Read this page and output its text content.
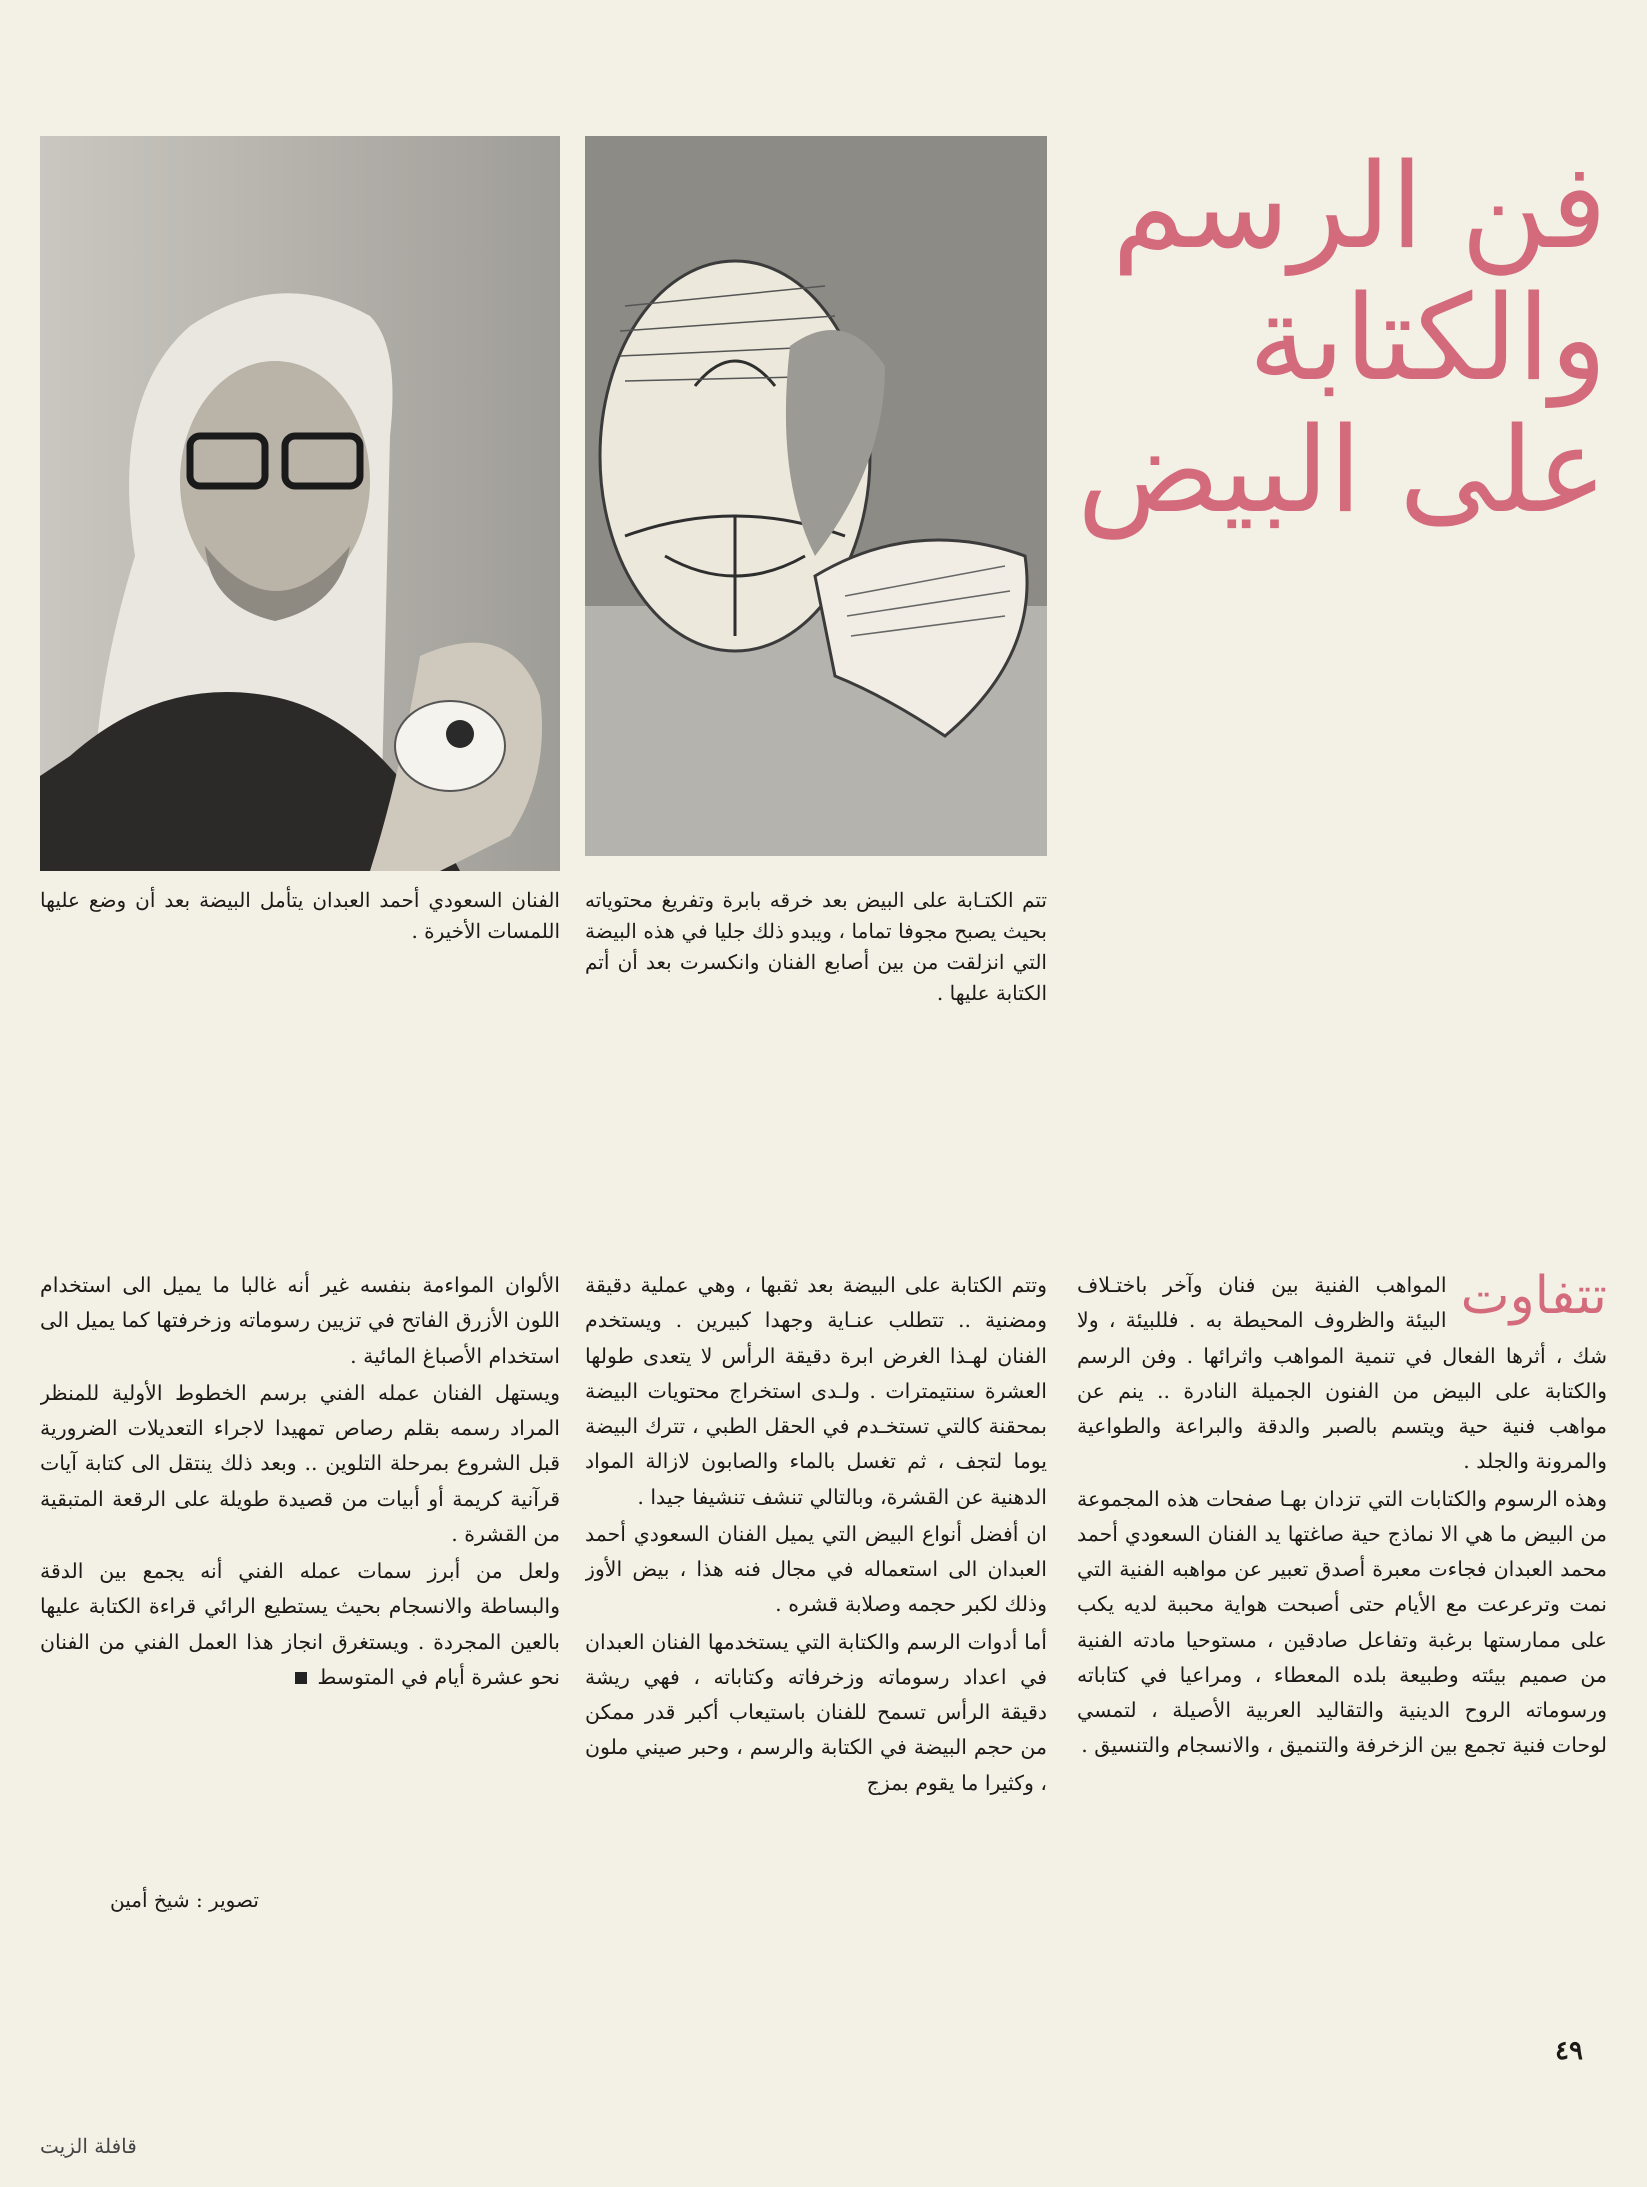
فن الرسم
والكتابة
على البيض
تتم الكتـابة على البيض بعد خرقه بابرة وتفريغ محتوياته بحيث يصبح مجوفا تماما ، ويبدو ذلك جليا في هذه البيضة التي انزلقت من بين أصابع الفنان وانكسرت بعد أن أتم الكتابة عليها .
الفنان السعودي أحمد العبدان يتأمل البيضة بعد أن وضع عليها اللمسات الأخيرة .
تتفاوت

المواهب الفنية بين فنان وآخر باختـلاف البيئة والظروف المحيطة به . فللبيئة ، ولا شك ، أثرها الفعال في تنمية المواهب واثرائها . وفن الرسم والكتابة على البيض من الفنون الجميلة النادرة .. ينم عن مواهب فنية حية ويتسم بالصبر والدقة والبراعة والطواعية والمرونة والجلد .

وهذه الرسوم والكتابات التي تزدان بهـا صفحات هذه المجموعة من البيض ما هي الا نماذج حية صاغتها يد الفنان السعودي أحمد محمد العبدان فجاءت معبرة أصدق تعبير عن مواهبه الفنية التي نمت وترعرعت مع الأيام حتى أصبحت هواية محببة لديه يكب على ممارستها برغبة وتفاعل صادقين ، مستوحيا مادته الفنية من صميم بيئته وطبيعة بلده المعطاء ، ومراعيا في كتاباته ورسوماته الروح الدينية والتقاليد العربية الأصيلة ، لتمسي لوحات فنية تجمع بين الزخرفة والتنميق ، والانسجام والتنسيق .

وتتم الكتابة على البيضة بعد ثقبها ، وهي عملية دقيقة ومضنية .. تتطلب عنـاية وجهدا كبيرين . ويستخدم الفنان لهـذا الغرض ابرة دقيقة الرأس لا يتعدى طولها العشرة سنتيمترات . ولـدى استخراج محتويات البيضة بمحقنة كالتي تستخـدم في الحقل الطبي ، تترك البيضة يوما لتجف ، ثم تغسل بالماء والصابون لازالة المواد الدهنية عن القشرة، وبالتالي تنشف تنشيفا جيدا .

ان أفضل أنواع البيض التي يميل الفنان السعودي أحمد العبدان الى استعماله في مجال فنه هذا ، بيض الأوز وذلك لكبر حجمه وصلابة قشره .

أما أدوات الرسم والكتابة التي يستخدمها الفنان العبدان في اعداد رسوماته وزخرفاته وكتاباته ، فهي ريشة دقيقة الرأس تسمح للفنان باستيعاب أكبر قدر ممكن من حجم البيضة في الكتابة والرسم ، وحبر صيني ملون ، وكثيرا ما يقوم بمزج

الألوان المواءمة بنفسه غير أنه غالبا ما يميل الى استخدام اللون الأزرق الفاتح في تزيين رسوماته وزخرفتها كما يميل الى استخدام الأصباغ المائية .

ويستهل الفنان عمله الفني برسم الخطوط الأولية للمنظر المراد رسمه بقلم رصاص تمهيدا لاجراء التعديلات الضرورية قبل الشروع بمرحلة التلوين .. وبعد ذلك ينتقل الى كتابة آيات قرآنية كريمة أو أبيات من قصيدة طويلة على الرقعة المتبقية من القشرة .

ولعل من أبرز سمات عمله الفني أنه يجمع بين الدقة والبساطة والانسجام بحيث يستطيع الرائي قراءة الكتابة عليها بالعين المجردة . ويستغرق انجاز هذا العمل الفني من الفنان نحو عشرة أيام في المتوسط

تصوير : شيخ أمين
٤٩
قافلة الزيت
